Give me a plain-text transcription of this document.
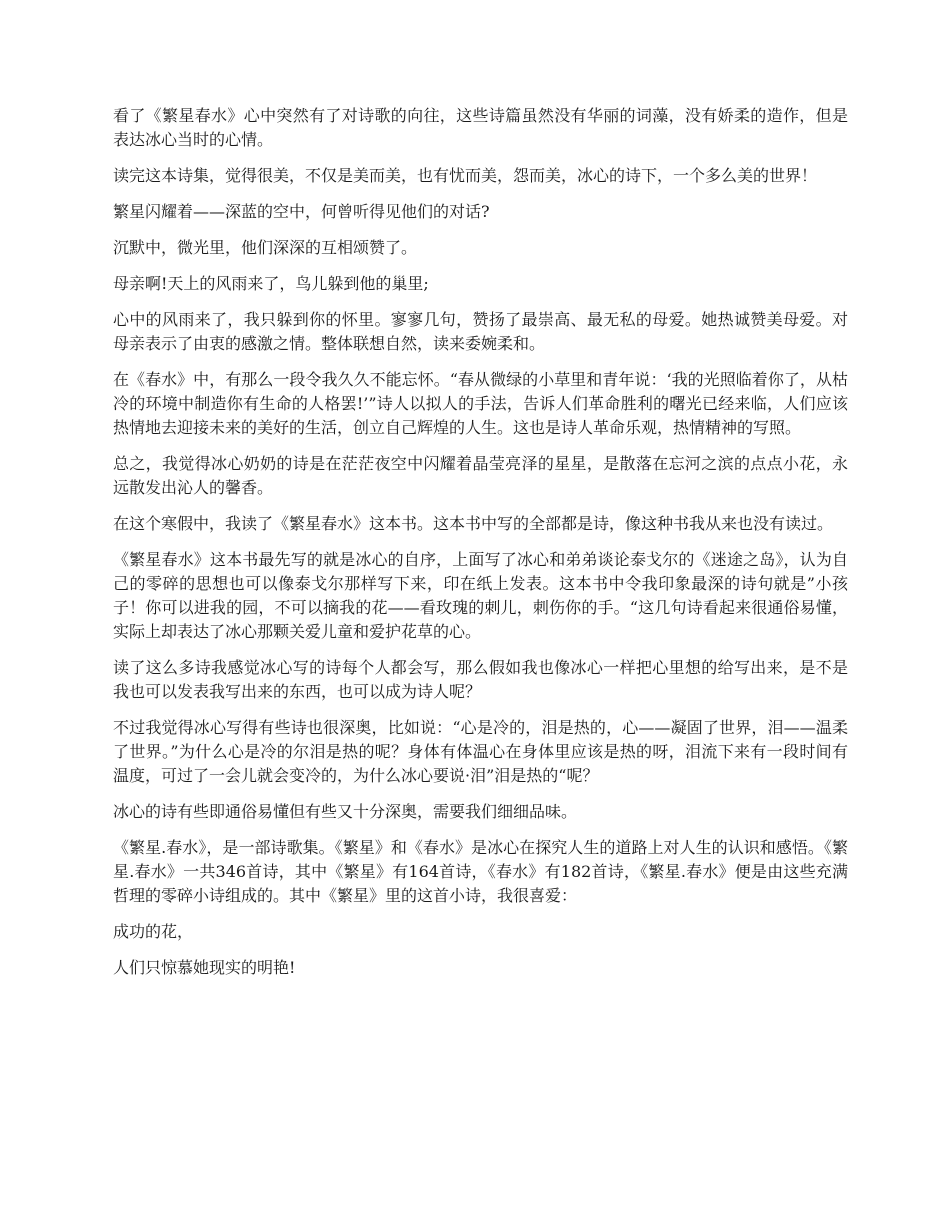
看了《繁星春水》心中突然有了对诗歌的向往，这些诗篇虽然没有华丽的词藻，没有娇柔的造作，但是表达冰心当时的心情。

读完这本诗集，觉得很美，不仅是美而美，也有忧而美，怨而美，冰心的诗下，一个多么美的世界！

繁星闪耀着——深蓝的空中，何曾听得见他们的对话?

沉默中，微光里，他们深深的互相颂赞了。

母亲啊!天上的风雨来了，鸟儿躲到他的巢里;

心中的风雨来了，我只躲到你的怀里。寥寥几句，赞扬了最崇高、最无私的母爱。她热诚赞美母爱。对母亲表示了由衷的感激之情。整体联想自然，读来委婉柔和。

在《春水》中，有那么一段令我久久不能忘怀。“春从微绿的小草里和青年说：‘我的光照临着你了，从枯冷的环境中制造你有生命的人格罢!’”诗人以拟人的手法，告诉人们革命胜利的曙光已经来临，人们应该热情地去迎接未来的美好的生活，创立自己辉煌的人生。这也是诗人革命乐观，热情精神的写照。

总之，我觉得冰心奶奶的诗是在茫茫夜空中闪耀着晶莹亮泽的星星，是散落在忘河之滨的点点小花，永远散发出沁人的馨香。

在这个寒假中，我读了《繁星春水》这本书。这本书中写的全部都是诗，像这种书我从来也没有读过。

《繁星春水》这本书最先写的就是冰心的自序，上面写了冰心和弟弟谈论泰戈尔的《迷途之岛》，认为自己的零碎的思想也可以像泰戈尔那样写下来，印在纸上发表。这本书中令我印象最深的诗句就是”小孩子！你可以进我的园，不可以摘我的花——看玫瑰的刺儿，刺伤你的手。“这几句诗看起来很通俗易懂，实际上却表达了冰心那颗关爱儿童和爱护花草的心。

读了这么多诗我感觉冰心写的诗每个人都会写，那么假如我也像冰心一样把心里想的给写出来，是不是我也可以发表我写出来的东西，也可以成为诗人呢？

不过我觉得冰心写得有些诗也很深奥，比如说：“心是冷的，泪是热的，心——凝固了世界，泪——温柔了世界。”为什么心是冷的尔泪是热的呢？身体有体温心在身体里应该是热的呀，泪流下来有一段时间有温度，可过了一会儿就会变冷的，为什么冰心要说·泪”泪是热的“呢？

冰心的诗有些即通俗易懂但有些又十分深奥，需要我们细细品味。

《繁星.春水》，是一部诗歌集。《繁星》和《春水》是冰心在探究人生的道路上对人生的认识和感悟。《繁星.春水》一共346首诗，其中《繁星》有164首诗，《春水》有182首诗，《繁星.春水》便是由这些充满哲理的零碎小诗组成的。其中《繁星》里的这首小诗，我很喜爱：

成功的花，

人们只惊慕她现实的明艳!
